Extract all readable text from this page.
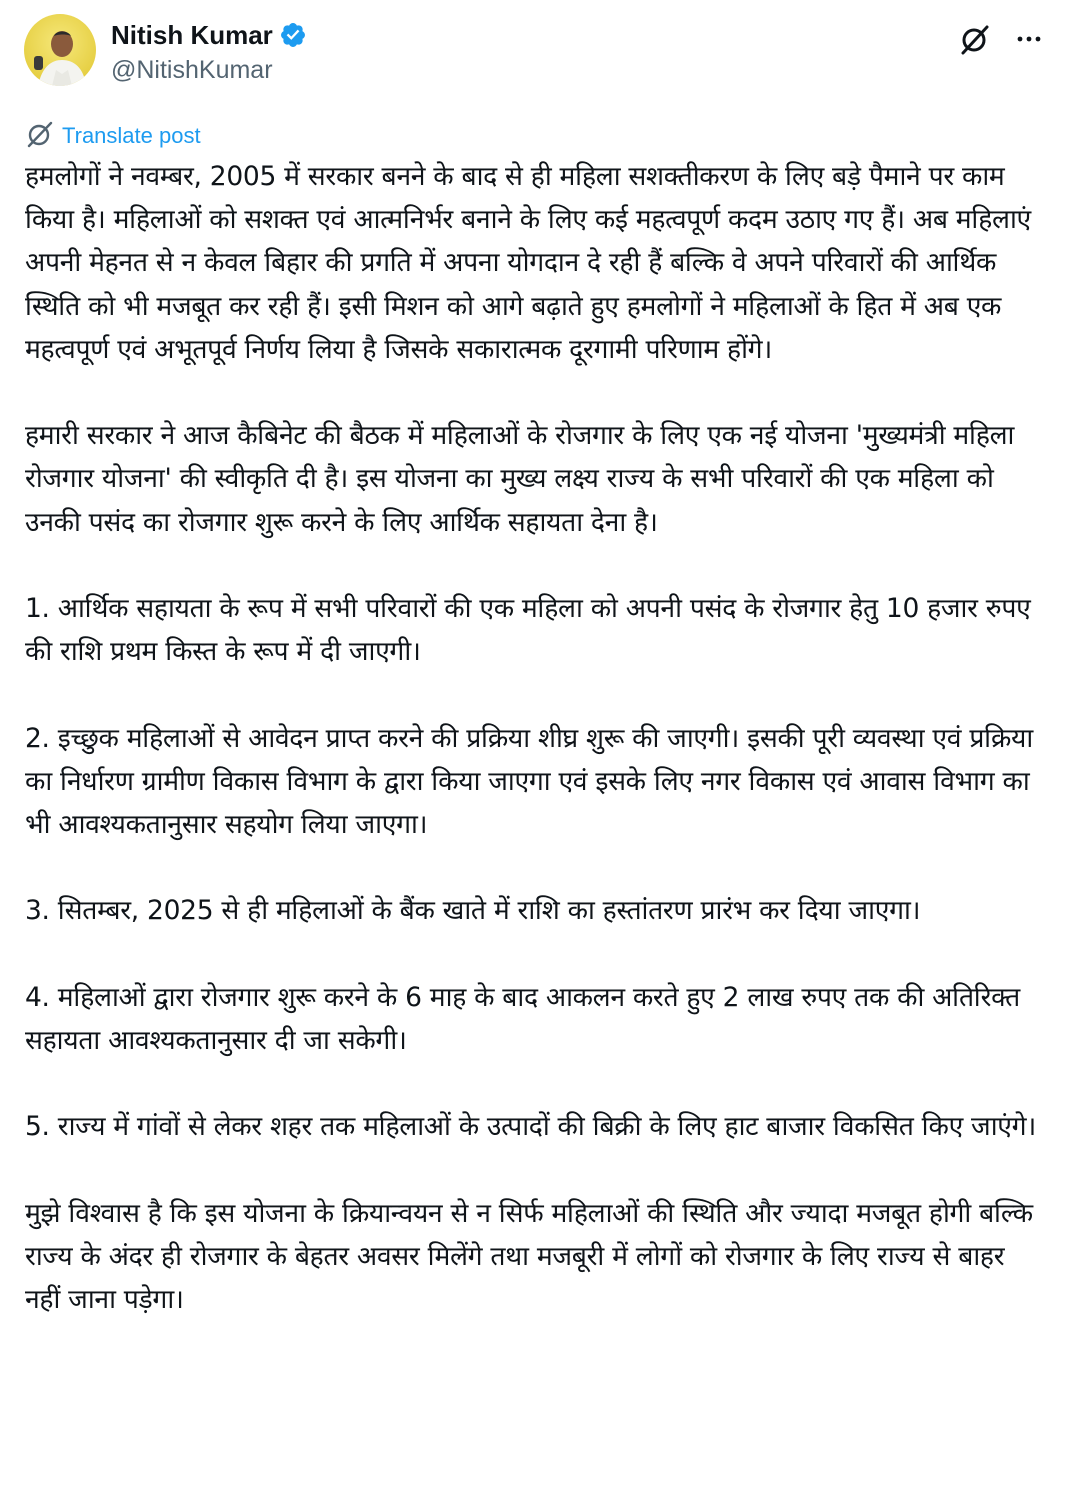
Nitish Kumar
@NitishKumar
Translate post

हमलोगों ने नवम्बर, 2005 में सरकार बनने के बाद से ही महिला सशक्तीकरण के लिए बड़े पैमाने पर काम किया है। महिलाओं को सशक्त एवं आत्मनिर्भर बनाने के लिए कई महत्वपूर्ण कदम उठाए गए हैं। अब महिलाएं अपनी मेहनत से न केवल बिहार की प्रगति में अपना योगदान दे रही हैं बल्कि वे अपने परिवारों की आर्थिक स्थिति को भी मजबूत कर रही हैं। इसी मिशन को आगे बढ़ाते हुए हमलोगों ने महिलाओं के हित में अब एक महत्वपूर्ण एवं अभूतपूर्व निर्णय लिया है जिसके सकारात्मक दूरगामी परिणाम होंगे।

हमारी सरकार ने आज कैबिनेट की बैठक में महिलाओं के रोजगार के लिए एक नई योजना 'मुख्यमंत्री महिला रोजगार योजना' की स्वीकृति दी है। इस योजना का मुख्य लक्ष्य राज्य के सभी परिवारों की एक महिला को उनकी पसंद का रोजगार शुरू करने के लिए आर्थिक सहायता देना है।

1. आर्थिक सहायता के रूप में सभी परिवारों की एक महिला को अपनी पसंद के रोजगार हेतु 10 हजार रुपए की राशि प्रथम किस्त के रूप में दी जाएगी।

2. इच्छुक महिलाओं से आवेदन प्राप्त करने की प्रक्रिया शीघ्र शुरू की जाएगी। इसकी पूरी व्यवस्था एवं प्रक्रिया का निर्धारण ग्रामीण विकास विभाग के द्वारा किया जाएगा एवं इसके लिए नगर विकास एवं आवास विभाग का भी आवश्यकतानुसार सहयोग लिया जाएगा।

3. सितम्बर, 2025 से ही महिलाओं के बैंक खाते में राशि का हस्तांतरण प्रारंभ कर दिया जाएगा।

4. महिलाओं द्वारा रोजगार शुरू करने के 6 माह के बाद आकलन करते हुए 2 लाख रुपए तक की अतिरिक्त सहायता आवश्यकतानुसार दी जा सकेगी।

5. राज्य में गांवों से लेकर शहर तक महिलाओं के उत्पादों की बिक्री के लिए हाट बाजार विकसित किए जाएंगे।

मुझे विश्वास है कि इस योजना के क्रियान्वयन से न सिर्फ महिलाओं की स्थिति और ज्यादा मजबूत होगी बल्कि राज्य के अंदर ही रोजगार के बेहतर अवसर मिलेंगे तथा मजबूरी में लोगों को रोजगार के लिए राज्य से बाहर नहीं जाना पड़ेगा।
